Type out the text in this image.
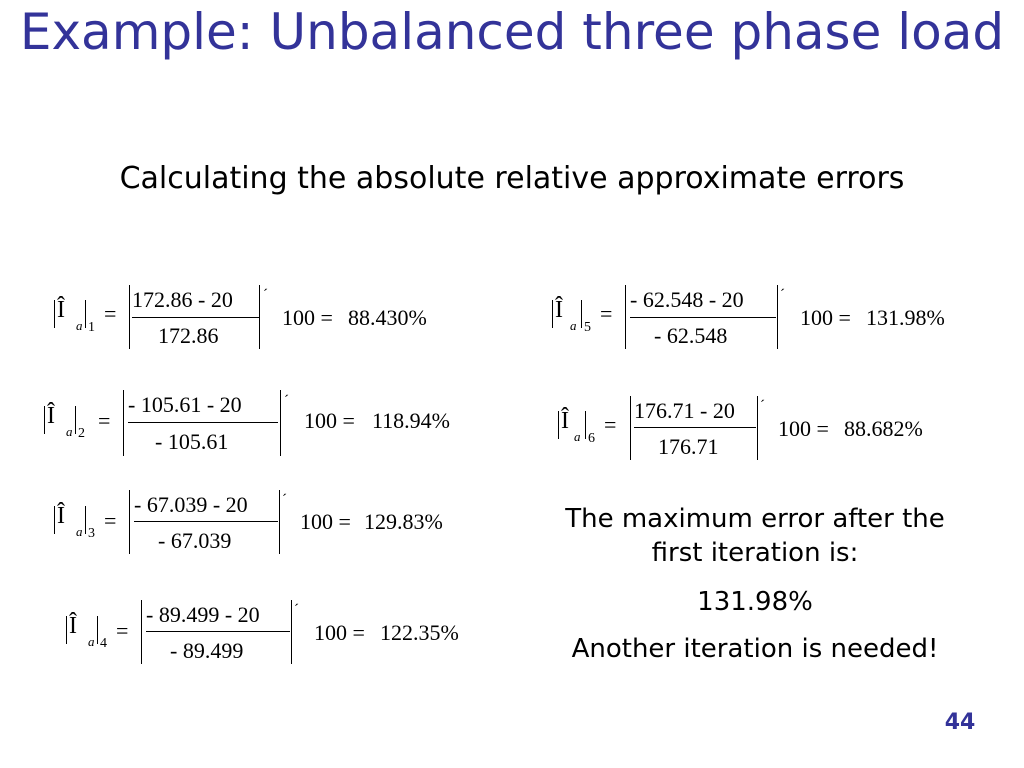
Example: Unbalanced three phase load
Calculating the absolute relative approximate errors
Î
a 1
=
172.86 - 20
172.86
´
100 = 88.430%
Î
a 2
=
- 105.61 - 20
- 105.61
´
100 = 118.94%
Î
a 3
=
- 67.039 - 20
- 67.039
´
100 = 129.83%
Î
a 4
=
- 89.499 - 20
- 89.499
´
100 = 122.35%
Î
a 5
=
- 62.548 - 20
- 62.548
´
100 = 131.98%
Î
a 6
=
176.71 - 20
176.71
´
100 = 88.682%
The maximum error after the first iteration is:
131.98%
Another iteration is needed!
44
